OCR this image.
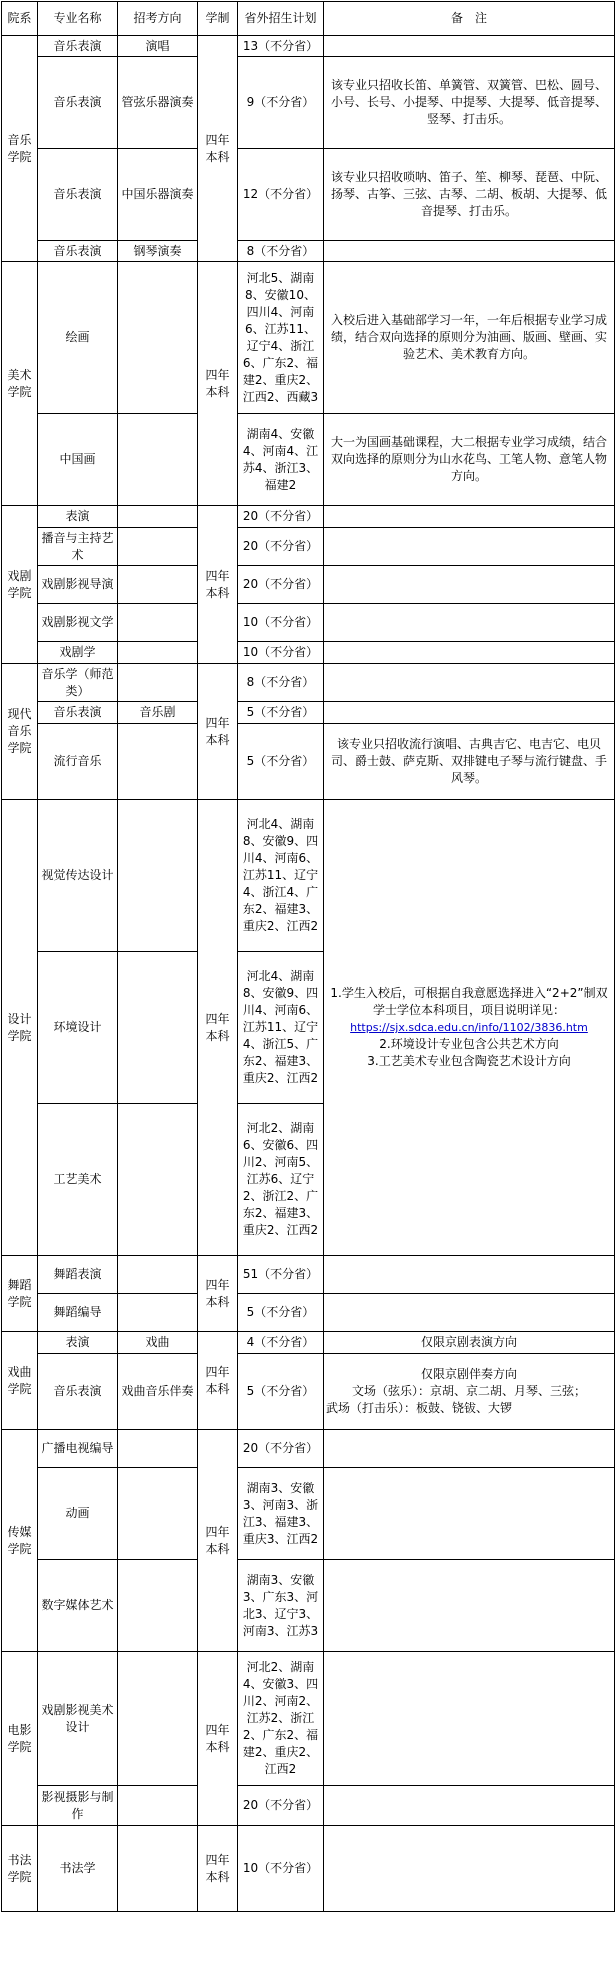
院系	专业名称	招考方向	学制	省外招生计划	备　注
音乐学院	音乐表演	演唱	四年本科	13（不分省）	
	音乐表演	管弦乐器演奏		9（不分省）	该专业只招收长笛、单簧管、双簧管、巴松、圆号、小号、长号、小提琴、中提琴、大提琴、低音提琴、竖琴、打击乐。
	音乐表演	中国乐器演奏		12（不分省）	该专业只招收唢呐、笛子、笙、柳琴、琵琶、中阮、扬琴、古筝、三弦、古琴、二胡、板胡、大提琴、低音提琴、打击乐。
	音乐表演	钢琴演奏		8（不分省）	
美术学院	绘画		四年本科	河北5、湖南8、安徽10、四川4、河南6、江苏11、辽宁4、浙江6、广东2、福建2、重庆2、江西2、西藏3	入校后进入基础部学习一年，一年后根据专业学习成绩，结合双向选择的原则分为油画、版画、壁画、实验艺术、美术教育方向。
	中国画			湖南4、安徽4、河南4、江苏4、浙江3、福建2	大一为国画基础课程，大二根据专业学习成绩，结合双向选择的原则分为山水花鸟、工笔人物、意笔人物方向。
戏剧学院	表演		四年本科	20（不分省）	
	播音与主持艺术			20（不分省）	
	戏剧影视导演			20（不分省）	
	戏剧影视文学			10（不分省）	
	戏剧学			10（不分省）	
现代音乐学院	音乐学（师范类）		四年本科	8（不分省）	
	音乐表演	音乐剧		5（不分省）	
	流行音乐			5（不分省）	该专业只招收流行演唱、古典吉它、电吉它、电贝司、爵士鼓、萨克斯、双排键电子琴与流行键盘、手风琴。
设计学院	视觉传达设计		四年本科	河北4、湖南8、安徽9、四川4、河南6、江苏11、辽宁4、浙江4、广东2、福建3、重庆2、江西2	1.学生入校后，可根据自我意愿选择进入“2+2”制双学士学位本科项目，项目说明详见：
https://sjx.sdca.edu.cn/info/1102/3836.htm
2.环境设计专业包含公共艺术方向
3.工艺美术专业包含陶瓷艺术设计方向

	环境设计			河北4、湖南8、安徽9、四川4、河南6、江苏11、辽宁4、浙江5、广东2、福建3、重庆2、江西2	
	工艺美术			河北2、湖南6、安徽6、四川2、河南5、江苏6、辽宁2、浙江2、广东2、福建3、重庆2、江西2	
舞蹈学院	舞蹈表演		四年本科	51（不分省）	
	舞蹈编导			5（不分省）	
戏曲学院	表演	戏曲	四年本科	4（不分省）	仅限京剧表演方向
	音乐表演	戏曲音乐伴奏		5（不分省）	仅限京剧伴奏方向
文场（弦乐）：京胡、京二胡、月琴、三弦；
武场（打击乐）：板鼓、铙钹、大锣

传媒学院	广播电视编导		四年本科	20（不分省）	
	动画			湖南3、安徽3、河南3、浙江3、福建3、重庆3、江西2	
	数字媒体艺术			湖南3、安徽3、广东3、河北3、辽宁3、河南3、江苏3	
电影学院	戏剧影视美术设计		四年本科	河北2、湖南4、安徽3、四川2、河南2、江苏2、浙江2、广东2、福建2、重庆2、江西2	
	影视摄影与制作			20（不分省）	
书法学院	书法学		四年本科	10（不分省）	
